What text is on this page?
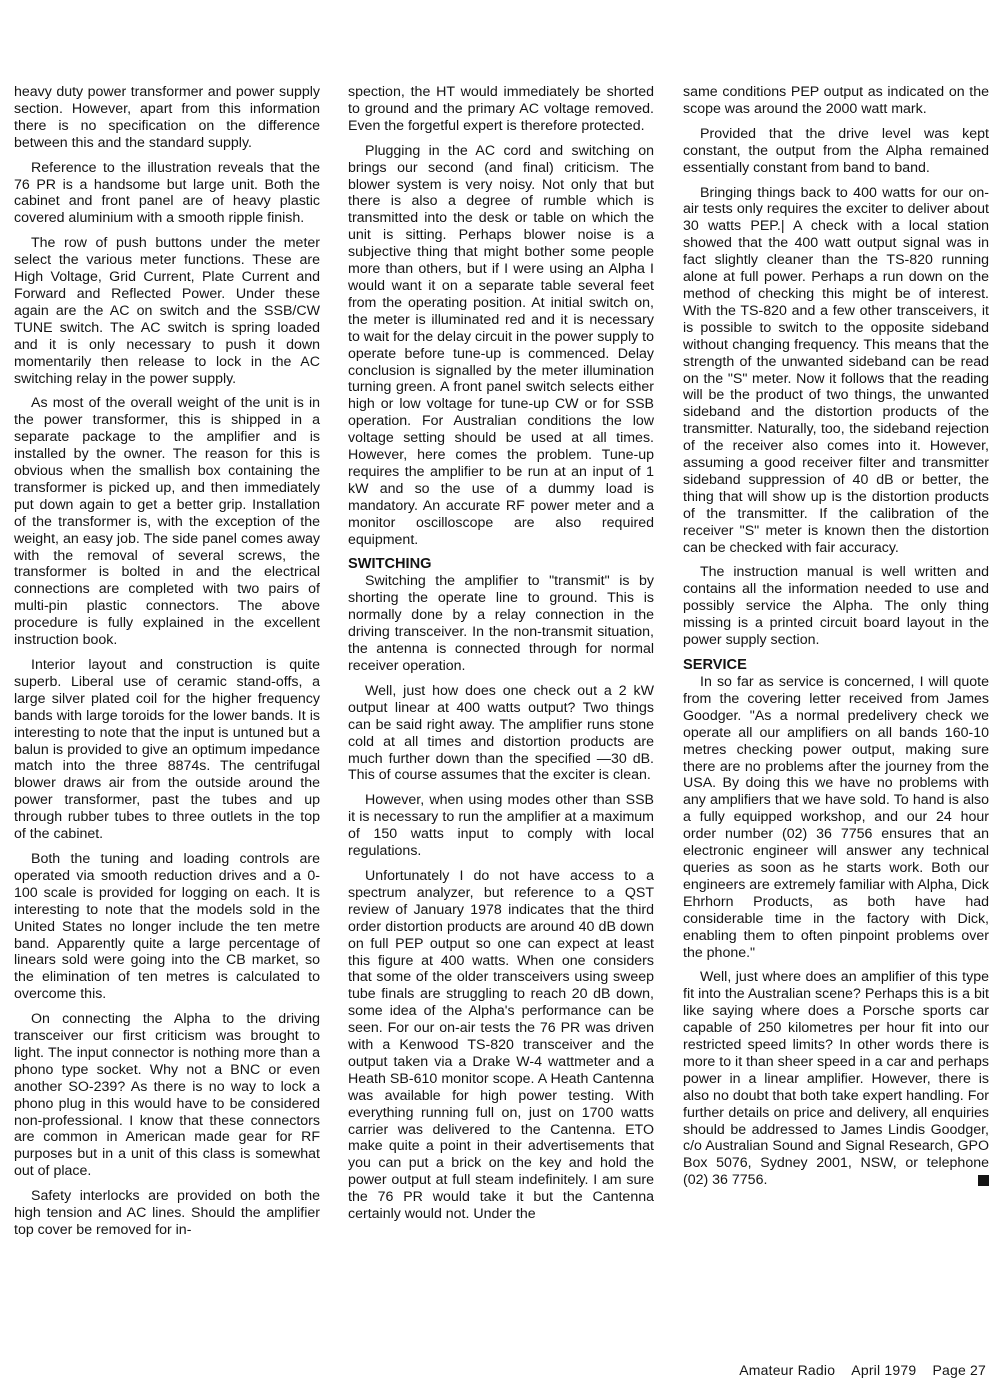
heavy duty power transformer and power supply section. However, apart from this information there is no specification on the difference between this and the standard supply.

Reference to the illustration reveals that the 76 PR is a handsome but large unit. Both the cabinet and front panel are of heavy plastic covered aluminium with a smooth ripple finish.

The row of push buttons under the meter select the various meter functions. These are High Voltage, Grid Current, Plate Current and Forward and Reflected Power. Under these again are the AC on switch and the SSB/CW TUNE switch. The AC switch is spring loaded and it is only necessary to push it down momentarily then release to lock in the AC switching relay in the power supply.

As most of the overall weight of the unit is in the power transformer, this is shipped in a separate package to the amplifier and is installed by the owner. The reason for this is obvious when the smallish box containing the transformer is picked up, and then immediately put down again to get a better grip. Installation of the transformer is, with the exception of the weight, an easy job. The side panel comes away with the removal of several screws, the transformer is bolted in and the electrical connections are completed with two pairs of multi-pin plastic connectors. The above procedure is fully explained in the excellent instruction book.

Interior layout and construction is quite superb. Liberal use of ceramic stand-offs, a large silver plated coil for the higher frequency bands with large toroids for the lower bands. It is interesting to note that the input is untuned but a balun is provided to give an optimum impedance match into the three 8874s. The centrifugal blower draws air from the outside around the power transformer, past the tubes and up through rubber tubes to three outlets in the top of the cabinet.

Both the tuning and loading controls are operated via smooth reduction drives and a 0-100 scale is provided for logging on each. It is interesting to note that the models sold in the United States no longer include the ten metre band. Apparently quite a large percentage of linears sold were going into the CB market, so the elimination of ten metres is calculated to overcome this.

On connecting the Alpha to the driving transceiver our first criticism was brought to light. The input connector is nothing more than a phono type socket. Why not a BNC or even another SO-239? As there is no way to lock a phono plug in this would have to be considered non-professional. I know that these connectors are common in American made gear for RF purposes but in a unit of this class is somewhat out of place.

Safety interlocks are provided on both the high tension and AC lines. Should the amplifier top cover be removed for in-

spection, the HT would immediately be shorted to ground and the primary AC voltage removed. Even the forgetful expert is therefore protected.

Plugging in the AC cord and switching on brings our second (and final) criticism. The blower system is very noisy. Not only that but there is also a degree of rumble which is transmitted into the desk or table on which the unit is sitting. Perhaps blower noise is a subjective thing that might bother some people more than others, but if I were using an Alpha I would want it on a separate table several feet from the operating position. At initial switch on, the meter is illuminated red and it is necessary to wait for the delay circuit in the power supply to operate before tune-up is commenced. Delay conclusion is signalled by the meter illumination turning green. A front panel switch selects either high or low voltage for tune-up CW or for SSB operation. For Australian conditions the low voltage setting should be used at all times. However, here comes the problem. Tune-up requires the amplifier to be run at an input of 1 kW and so the use of a dummy load is mandatory. An accurate RF power meter and a monitor oscilloscope are also required equipment.

SWITCHING

Switching the amplifier to "transmit" is by shorting the operate line to ground. This is normally done by a relay connection in the driving transceiver. In the non-transmit situation, the antenna is connected through for normal receiver operation.

Well, just how does one check out a 2 kW output linear at 400 watts output? Two things can be said right away. The amplifier runs stone cold at all times and distortion products are much further down than the specified —30 dB. This of course assumes that the exciter is clean.

However, when using modes other than SSB it is necessary to run the amplifier at a maximum of 150 watts input to comply with local regulations.

Unfortunately I do not have access to a spectrum analyzer, but reference to a QST review of January 1978 indicates that the third order distortion products are around 40 dB down on full PEP output so one can expect at least this figure at 400 watts. When one considers that some of the older transceivers using sweep tube finals are struggling to reach 20 dB down, some idea of the Alpha's performance can be seen. For our on-air tests the 76 PR was driven with a Kenwood TS-820 transceiver and the output taken via a Drake W-4 wattmeter and a Heath SB-610 monitor scope. A Heath Cantenna was available for high power testing. With everything running full on, just on 1700 watts carrier was delivered to the Cantenna. ETO make quite a point in their advertisements that you can put a brick on the key and hold the power output at full steam indefinitely. I am sure the 76 PR would take it but the Cantenna certainly would not. Under the

same conditions PEP output as indicated on the scope was around the 2000 watt mark.

Provided that the drive level was kept constant, the output from the Alpha remained essentially constant from band to band.

Bringing things back to 400 watts for our on-air tests only requires the exciter to deliver about 30 watts PEP.| A check with a local station showed that the 400 watt output signal was in fact slightly cleaner than the TS-820 running alone at full power. Perhaps a run down on the method of checking this might be of interest. With the TS-820 and a few other transceivers, it is possible to switch to the opposite sideband without changing frequency. This means that the strength of the unwanted sideband can be read on the "S" meter. Now it follows that the reading will be the product of two things, the unwanted sideband and the distortion products of the transmitter. Naturally, too, the sideband rejection of the receiver also comes into it. However, assuming a good receiver filter and transmitter sideband suppression of 40 dB or better, the thing that will show up is the distortion products of the transmitter. If the calibration of the receiver "S" meter is known then the distortion can be checked with fair accuracy.

The instruction manual is well written and contains all the information needed to use and possibly service the Alpha. The only thing missing is a printed circuit board layout in the power supply section.

SERVICE

In so far as service is concerned, I will quote from the covering letter received from James Goodger. "As a normal predelivery check we operate all our amplifiers on all bands 160-10 metres checking power output, making sure there are no problems after the journey from the USA. By doing this we have no problems with any amplifiers that we have sold. To hand is also a fully equipped workshop, and our 24 hour order number (02) 36 7756 ensures that an electronic engineer will answer any technical queries as soon as he starts work. Both our engineers are extremely familiar with Alpha, Dick Ehrhorn Products, as both have had considerable time in the factory with Dick, enabling them to often pinpoint problems over the phone."

Well, just where does an amplifier of this type fit into the Australian scene? Perhaps this is a bit like saying where does a Porsche sports car capable of 250 kilometres per hour fit into our restricted speed limits? In other words there is more to it than sheer speed in a car and perhaps power in a linear amplifier. However, there is also no doubt that both take expert handling. For further details on price and delivery, all enquiries should be addressed to James Lindis Goodger, c/o Australian Sound and Signal Research, GPO Box 5076, Sydney 2001, NSW, or telephone (02) 36 7756.

Amateur Radio April 1979 Page 27
